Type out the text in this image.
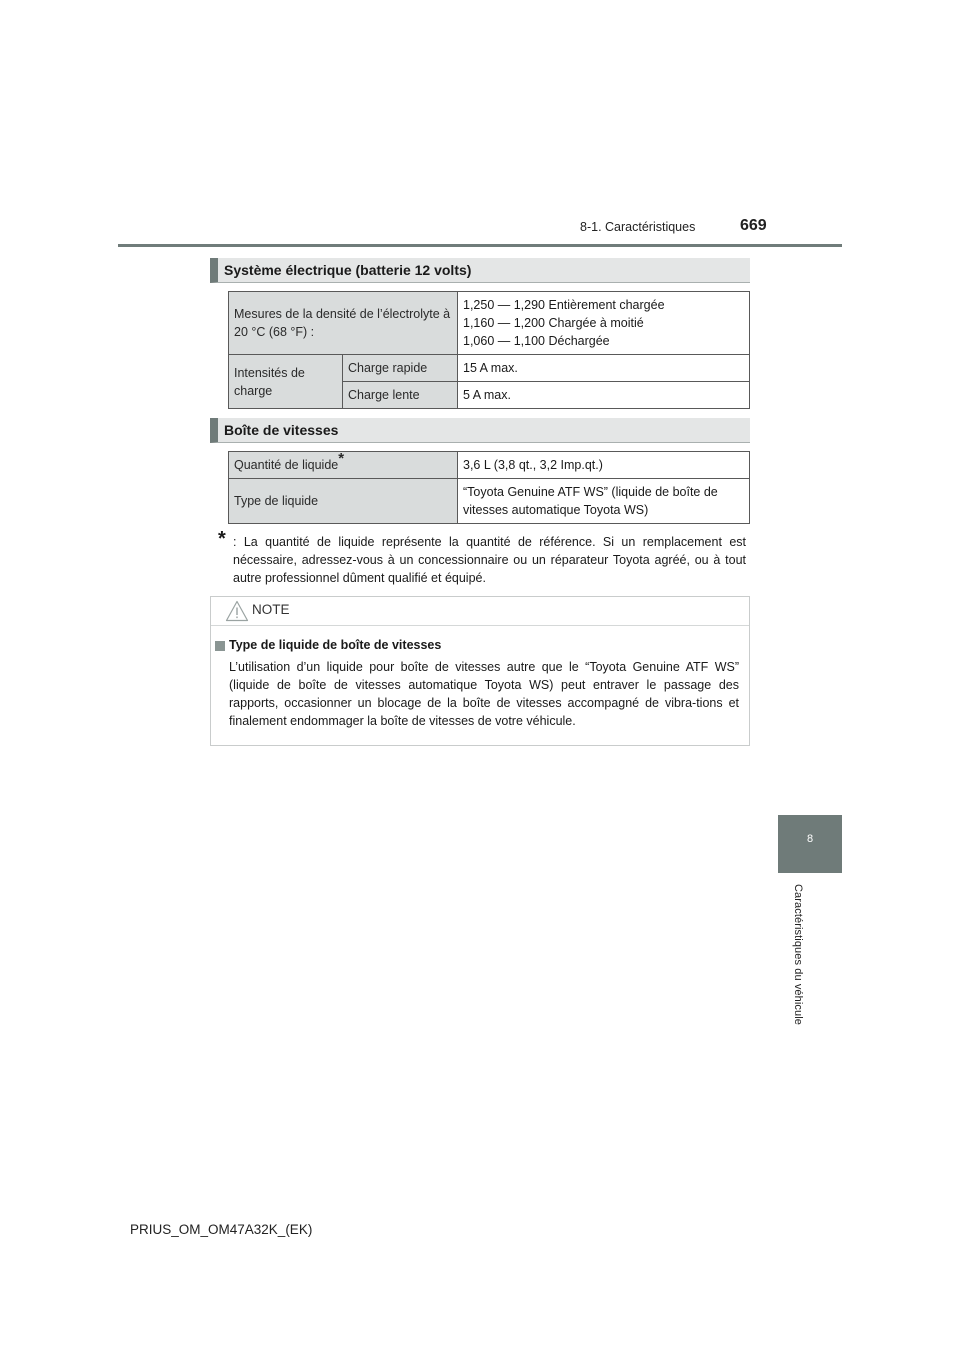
8-1. Caractéristiques	669
8
Caractéristiques du véhicule
Système électrique (batterie 12 volts)
Mesures de la densité de l’électrolyte à 20 °C (68 °F) :		1,250 — 1,290 Entièrement chargée
1,160 — 1,200 Chargée à moitié
1,060 — 1,100 Déchargée

Intensités de charge	Charge rapide	15 A max.
	Charge lente	5 A max.
Boîte de vitesses
Quantité de liquide*	3,6 L (3,8 qt., 3,2 Imp.qt.)
Type de liquide	“Toyota Genuine ATF WS” (liquide de boîte de vitesses automatique Toyota WS)
* : La quantité de liquide représente la quantité de référence. Si un remplacement est nécessaire, adressez-vous à un concessionnaire ou un réparateur Toyota agréé, ou à tout autre professionnel dûment qualifié et équipé.
NOTE
Type de liquide de boîte de vitesses
L’utilisation d’un liquide pour boîte de vitesses autre que le “Toyota Genuine ATF WS” (liquide de boîte de vitesses automatique Toyota WS) peut entraver le passage des rapports, occasionner un blocage de la boîte de vitesses accompagné de vibra-tions et finalement endommager la boîte de vitesses de votre véhicule.
PRIUS_OM_OM47A32K_(EK)
